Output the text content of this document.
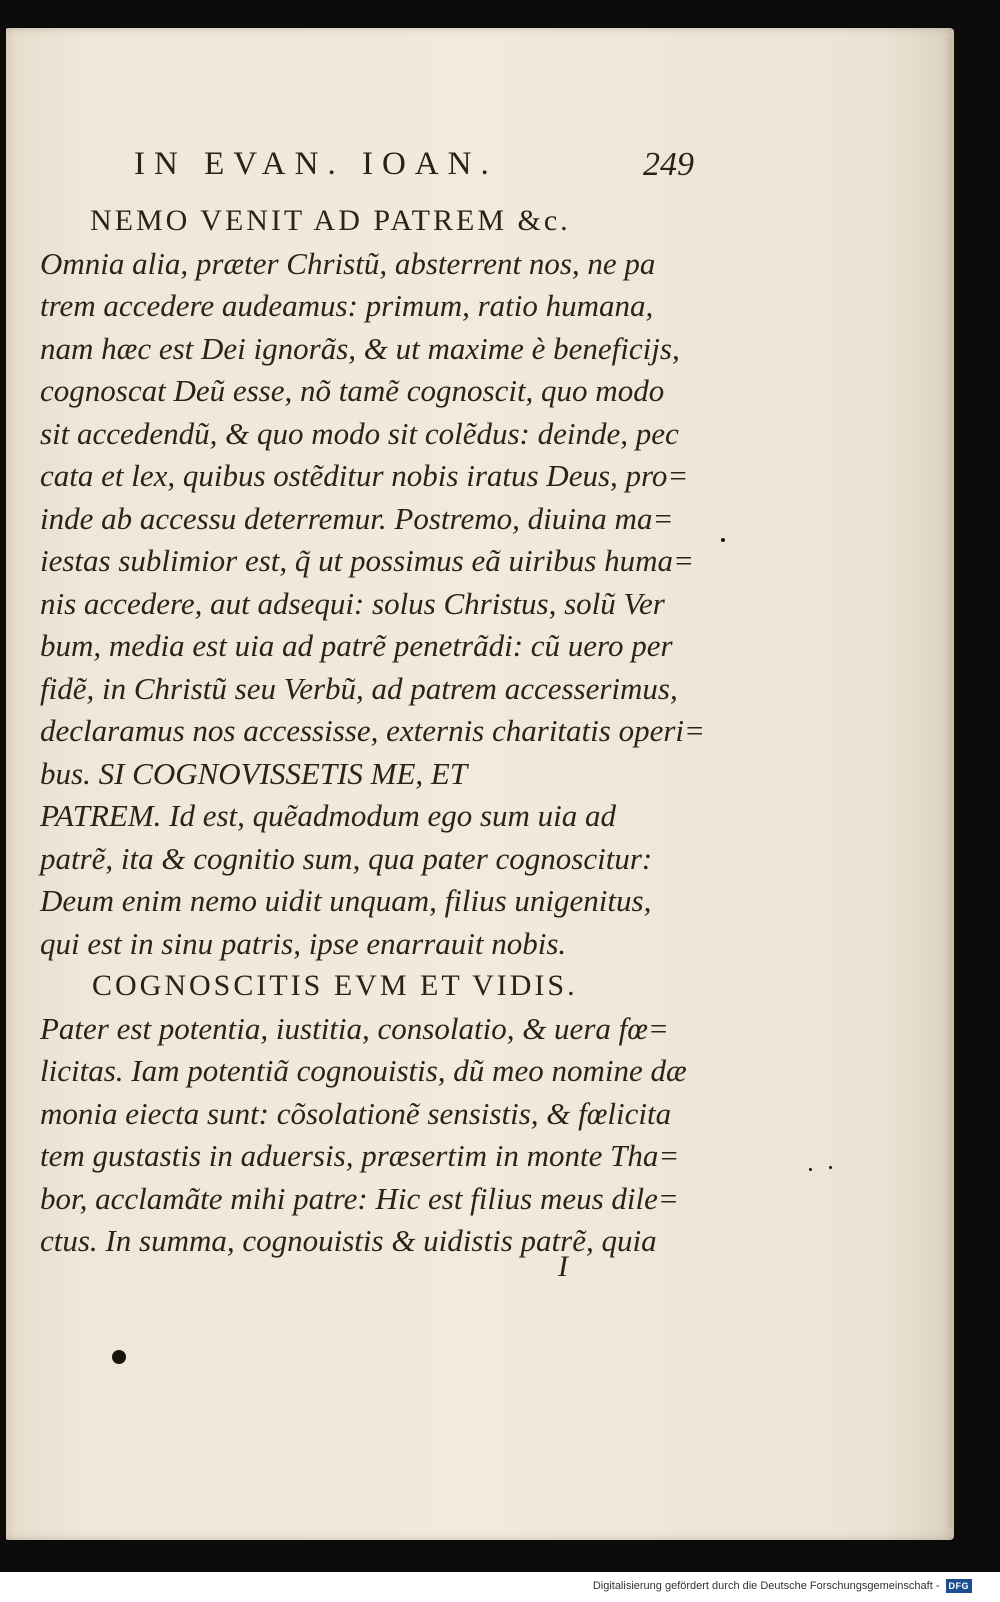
IN EVAN. IOAN.	249
NEMO VENIT AD PATREM &c.
Omnia alia, præter Christũ, absterrent nos, ne pa
trem accedere audeamus: primum, ratio humana,
nam hæc est Dei ignorãs, & ut maxime è beneficijs,
cognoscat Deũ esse, nõ tamẽ cognoscit, quo modo
sit accedendũ, & quo modo sit colẽdus: deinde, pec
cata et lex, quibus ostẽditur nobis iratus Deus, pro=
inde ab accessu deterremur. Postremo, diuina ma=
iestas sublimior est, q̃ ut possimus eã uiribus huma=
nis accedere, aut adsequi: solus Christus, solũ Ver
bum, media est uia ad patrẽ penetrãdi: cũ uero per
fidẽ, in Christũ seu Verbũ, ad patrem accesserimus,
declaramus nos accessisse, externis charitatis operi=
bus. SI COGNOVISSETIS ME, ET
PATREM. Id est, quẽadmodum ego sum uia ad
patrẽ, ita & cognitio sum, qua pater cognoscitur:
Deum enim nemo uidit unquam, filius unigenitus,
qui est in sinu patris, ipse enarrauit nobis.
COGNOSCITIS EVM ET VIDIS.
Pater est potentia, iustitia, consolatio, & uera fœ=
licitas. Iam potentiã cognouistis, dũ meo nomine dæ
monia eiecta sunt: cõsolationẽ sensistis, & fœlicita
tem gustastis in aduersis, præsertim in monte Tha=
bor, acclamãte mihi patre: Hic est filius meus dile=
ctus. In summa, cognouistis & uidistis patrẽ, quia
I
Digitalisierung gefördert durch die Deutsche Forschungsgemeinschaft -	DFG
